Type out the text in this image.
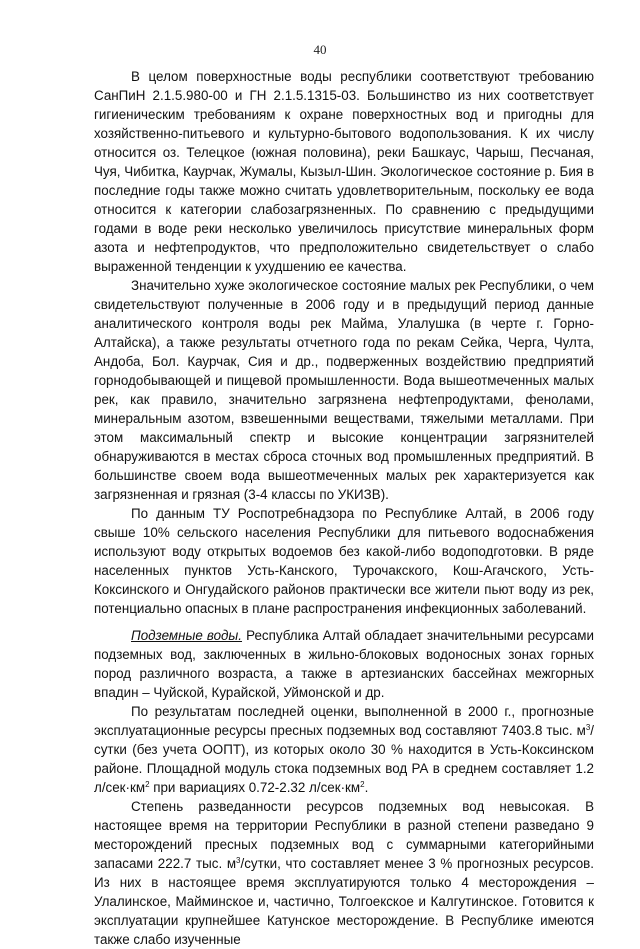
40

В целом поверхностные воды республики соответствуют требованию СанПиН 2.1.5.980-00 и ГН 2.1.5.1315-03. Большинство из них соответствует гигиеническим требованиям к охране поверхностных вод и пригодны для хозяйственно-питьевого и культурно-бытового водопользования. К их числу относится оз. Телецкое (южная половина), реки Башкаус, Чарыш, Песчаная, Чуя, Чибитка, Каурчак, Жумалы, Кызыл-Шин. Экологическое состояние р. Бия в последние годы также можно считать удовлетворительным, поскольку ее вода относится к категории слабозагрязненных. По сравнению с предыдущими годами в воде реки несколько увеличилось присутствие минеральных форм азота и нефтепродуктов, что предположительно свидетельствует о слабо выраженной тенденции к ухудшению ее качества.

Значительно хуже экологическое состояние малых рек Республики, о чем свидетельствуют полученные в 2006 году и в предыдущий период данные аналитического контроля воды рек Майма, Улалушка (в черте г. Горно-Алтайска), а также результаты отчетного года по рекам Сейка, Черга, Чулта, Андоба, Бол. Каурчак, Сия и др., подверженных воздействию предприятий горнодобывающей и пищевой промышленности. Вода вышеотмеченных малых рек, как правило, значительно загрязнена нефтепродуктами, фенолами, минеральным азотом, взвешенными веществами, тяжелыми металлами. При этом максимальный спектр и высокие концентрации загрязнителей обнаруживаются в местах сброса сточных вод промышленных предприятий. В большинстве своем вода вышеотмеченных малых рек характеризуется как загрязненная и грязная (3-4 классы по УКИЗВ).

По данным ТУ Роспотребнадзора по Республике Алтай, в 2006 году свыше 10% сельского населения Республики для питьевого водоснабжения используют воду открытых водоемов без какой-либо водоподготовки. В ряде населенных пунктов Усть-Канского, Турочакского, Кош-Агачского, Усть-Коксинского и Онгудайского районов практически все жители пьют воду из рек, потенциально опасных в плане распространения инфекционных заболеваний.

Подземные воды. Республика Алтай обладает значительными ресурсами подземных вод, заключенных в жильно-блоковых водоносных зонах горных пород различного возраста, а также в артезианских бассейнах межгорных впадин – Чуйской, Курайской, Уймонской и др.

По результатам последней оценки, выполненной в 2000 г., прогнозные эксплуатационные ресурсы пресных подземных вод составляют 7403.8 тыс. $м^3$/сутки (без учета ООПТ), из которых около 30 % находится в Усть-Коксинском районе. Площадной модуль стока подземных вод РА в среднем составляет 1.2 $л/сек\cdot км^2$ при вариациях 0.72-2.32 $л/сек\cdot км^2$.

Степень разведанности ресурсов подземных вод невысокая. В настоящее время на территории Республики в разной степени разведано 9 месторождений пресных подземных вод с суммарными категорийными запасами 222.7 тыс. $м^3$/сутки, что составляет менее 3 % прогнозных ресурсов. Из них в настоящее время эксплуатируются только 4 месторождения – Улалинское, Майминское и, частично, Толгоекское и Калгутинское. Готовится к эксплуатации крупнейшее Катунское месторождение. В Республике имеются также слабо изученные
